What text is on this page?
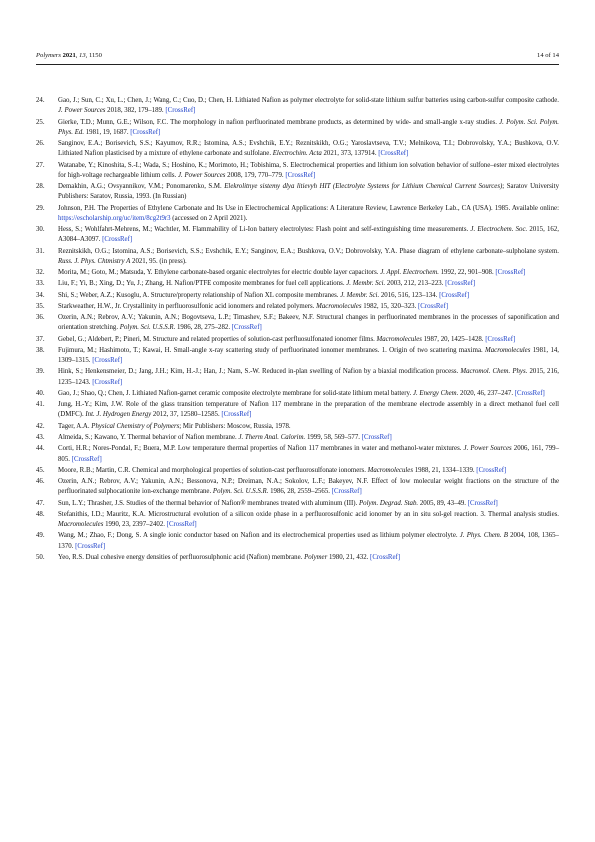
Polymers 2021, 13, 1150	14 of 14
24. Gao, J.; Sun, C.; Xu, L.; Chen, J.; Wang, C.; Cuo, D.; Chen, H. Lithiated Nafion as polymer electrolyte for solid-state lithium sulfur batteries using carbon-sulfur composite cathode. J. Power Sources 2018, 382, 179–189. [CrossRef]
25. Gierke, T.D.; Munn, G.E.; Wilson, F.C. The morphology in nafion perfluorinated membrane products, as determined by wide- and small-angle x-ray studies. J. Polym. Sci. Polym. Phys. Ed. 1981, 19, 1687. [CrossRef]
26. Sanginov, E.A.; Borisevich, S.S.; Kayumov, R.R.; Istomina, A.S.; Evshchik, E.Y.; Reznitskikh, O.G.; Yaroslavtseva, T.V.; Melnikova, T.I.; Dobrovolsky, Y.A.; Bushkova, O.V. Lithiated Nafion plasticised by a mixture of ethylene carbonate and sulfolane. Electrochim. Acta 2021, 373, 137914. [CrossRef]
27. Watanabe, Y.; Kinoshita, S.-I.; Wada, S.; Hoshino, K.; Morimoto, H.; Tobishima, S. Electrochemical properties and lithium ion solvation behavior of sulfone–ester mixed electrolytes for high-voltage rechargeable lithium cells. J. Power Sources 2008, 179, 770–779. [CrossRef]
28. Demakhin, A.G.; Ovsyannikov, V.M.; Ponomarenko, S.M. Elekrolitnye sistemy dlya litievyh HIT (Electrolyte Systems for Lithium Chemical Current Sources); Saratov University Publishers: Saratov, Russia, 1993. (In Russian)
29. Johnson, P.H. The Properties of Ethylene Carbonate and Its Use in Electrochemical Applications: A Literature Review, Lawrence Berkeley Lab., CA (USA). 1985. Available online: https://escholarship.org/uc/item/8cg2t9r3 (accessed on 2 April 2021).
30. Hess, S.; Wohlfahrt-Mehrens, M.; Wachtler, M. Flammability of Li-Ion battery electrolytes: Flash point and self-extinguishing time measurements. J. Electrochem. Soc. 2015, 162, A3084–A3097. [CrossRef]
31. Reznitskikh, O.G.; Istomina, A.S.; Borisevich, S.S.; Evshchik, E.Y.; Sanginov, E.A.; Bushkova, O.V.; Dobrovolsky, Y.A. Phase diagram of ethylene carbonate–sulpholane system. Russ. J. Phys. Chtmistry A 2021, 95. (in press).
32. Morita, M.; Goto, M.; Matsuda, Y. Ethylene carbonate-based organic electrolytes for electric double layer capacitors. J. Appl. Electrochem. 1992, 22, 901–908. [CrossRef]
33. Liu, F.; Yi, B.; Xing, D.; Yu, J.; Zhang, H. Nafion/PTFE composite membranes for fuel cell applications. J. Membr. Sci. 2003, 212, 213–223. [CrossRef]
34. Shi, S.; Weber, A.Z.; Kusoglu, A. Structure/property relationship of Nafion XL composite membranes. J. Membr. Sci. 2016, 516, 123–134. [CrossRef]
35. Starkweather, H.W., Jr. Crystallinity in perfluorosulfonic acid ionomers and related polymers. Macromolecules 1982, 15, 320–323. [CrossRef]
36. Ozerin, A.N.; Rebrov, A.V.; Yakunin, A.N.; Bogovtseva, L.P.; Timashev, S.F.; Bakeev, N.F. Structural changes in perfluorinated membranes in the processes of saponification and orientation stretching. Polym. Sci. U.S.S.R. 1986, 28, 275–282. [CrossRef]
37. Gebel, G.; Aldebert, P.; Pineri, M. Structure and related properties of solution-cast perfluosulfonated ionomer films. Macromolecules 1987, 20, 1425–1428. [CrossRef]
38. Fujimura, M.; Hashimoto, T.; Kawai, H. Small-angle x-ray scattering study of perfluorinated ionomer membranes. 1. Origin of two scattering maxima. Macromolecules 1981, 14, 1309–1315. [CrossRef]
39. Hink, S.; Henkensmeier, D.; Jang, J.H.; Kim, H.-J.; Han, J.; Nam, S.-W. Reduced in-plan swelling of Nafion by a biaxial modification process. Macromol. Chem. Phys. 2015, 216, 1235–1243. [CrossRef]
40. Gao, J.; Shao, Q.; Chen, J. Lithiated Nafion-garnet ceramic composite electrolyte membrane for solid-state lithium metal battery. J. Energy Chem. 2020, 46, 237–247. [CrossRef]
41. Jung, H.-Y.; Kim, J.W. Role of the glass transition temperature of Nafion 117 membrane in the preparation of the membrane electrode assembly in a direct methanol fuel cell (DMFC). Int. J. Hydrogen Energy 2012, 37, 12580–12585. [CrossRef]
42. Tager, A.A. Physical Chemistry of Polymers; Mir Publishers: Moscow, Russia, 1978.
43. Almeida, S.; Kawano, Y. Thermal behavior of Nafion membrane. J. Therm Anal. Calorim. 1999, 58, 569–577. [CrossRef]
44. Corti, H.R.; Nores-Pondal, F.; Buera, M.P. Low temperature thermal properties of Nafion 117 membranes in water and methanol-water mixtures. J. Power Sources 2006, 161, 799–805. [CrossRef]
45. Moore, R.B.; Martin, C.R. Chemical and morphological properties of solution-cast perfluorosulfonate ionomers. Macromolecules 1988, 21, 1334–1339. [CrossRef]
46. Ozerin, A.N.; Rebrov, A.V.; Yakunin, A.N.; Bessonova, N.P.; Dreiman, N.A.; Sokolov, L.F.; Bakeyev, N.F. Effect of low molecular weight fractions on the structure of the perfluorinated sulphocationite ion-exchange membrane. Polym. Sci. U.S.S.R. 1986, 28, 2559–2565. [CrossRef]
47. Sun, L.Y.; Thrasher, J.S. Studies of the thermal behavior of Nafion® membranes treated with aluminum (III). Polym. Degrad. Stab. 2005, 89, 43–49. [CrossRef]
48. Stefanithis, I.D.; Mauritz, K.A. Microstructural evolution of a silicon oxide phase in a perfluorosulfonic acid ionomer by an in situ sol-gel reaction. 3. Thermal analysis studies. Macromolecules 1990, 23, 2397–2402. [CrossRef]
49. Wang, M.; Zhao, F.; Dong, S. A single ionic conductor based on Nafion and its electrochemical properties used as lithium polymer electrolyte. J. Phys. Chem. B 2004, 108, 1365–1370. [CrossRef]
50. Yeo, R.S. Dual cohesive energy densities of perfluorosulphonic acid (Nafion) membrane. Polymer 1980, 21, 432. [CrossRef]
